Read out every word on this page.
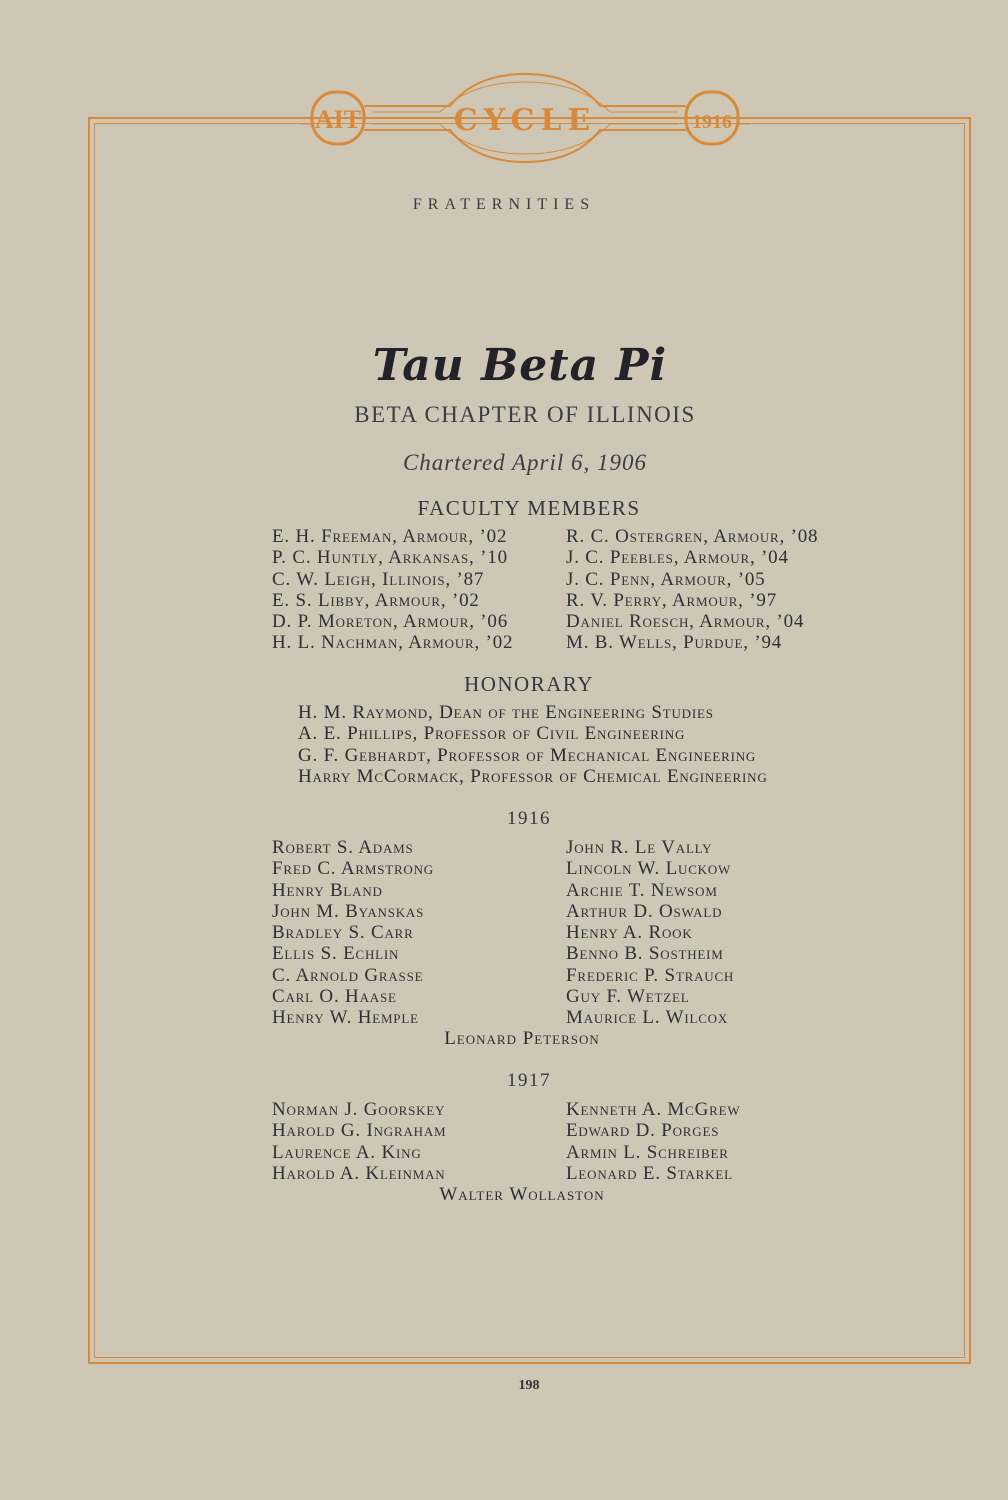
AIT	1916
CYCLE
FRATERNITIES
Tau Beta Pi
BETA CHAPTER OF ILLINOIS
Chartered April 6, 1906
FACULTY MEMBERS
E. H. Freeman, Armour, ’02
P. C. Huntly, Arkansas, ’10
C. W. Leigh, Illinois, ’87
E. S. Libby, Armour, ’02
D. P. Moreton, Armour, ’06
H. L. Nachman, Armour, ’02
R. C. Ostergren, Armour, ’08
J. C. Peebles, Armour, ’04
J. C. Penn, Armour, ’05
R. V. Perry, Armour, ’97
Daniel Roesch, Armour, ’04
M. B. Wells, Purdue, ’94
HONORARY
H. M. Raymond, Dean of the Engineering Studies
A. E. Phillips, Professor of Civil Engineering
G. F. Gebhardt, Professor of Mechanical Engineering
Harry McCormack, Professor of Chemical Engineering
1916
Robert S. Adams
Fred C. Armstrong
Henry Bland
John M. Byanskas
Bradley S. Carr
Ellis S. Echlin
C. Arnold Grasse
Carl O. Haase
Henry W. Hemple
John R. Le Vally
Lincoln W. Luckow
Archie T. Newsom
Arthur D. Oswald
Henry A. Rook
Benno B. Sostheim
Frederic P. Strauch
Guy F. Wetzel
Maurice L. Wilcox
Leonard Peterson
1917
Norman J. Goorskey
Harold G. Ingraham
Laurence A. King
Harold A. Kleinman
Kenneth A. McGrew
Edward D. Porges
Armin L. Schreiber
Leonard E. Starkel
Walter Wollaston
198
